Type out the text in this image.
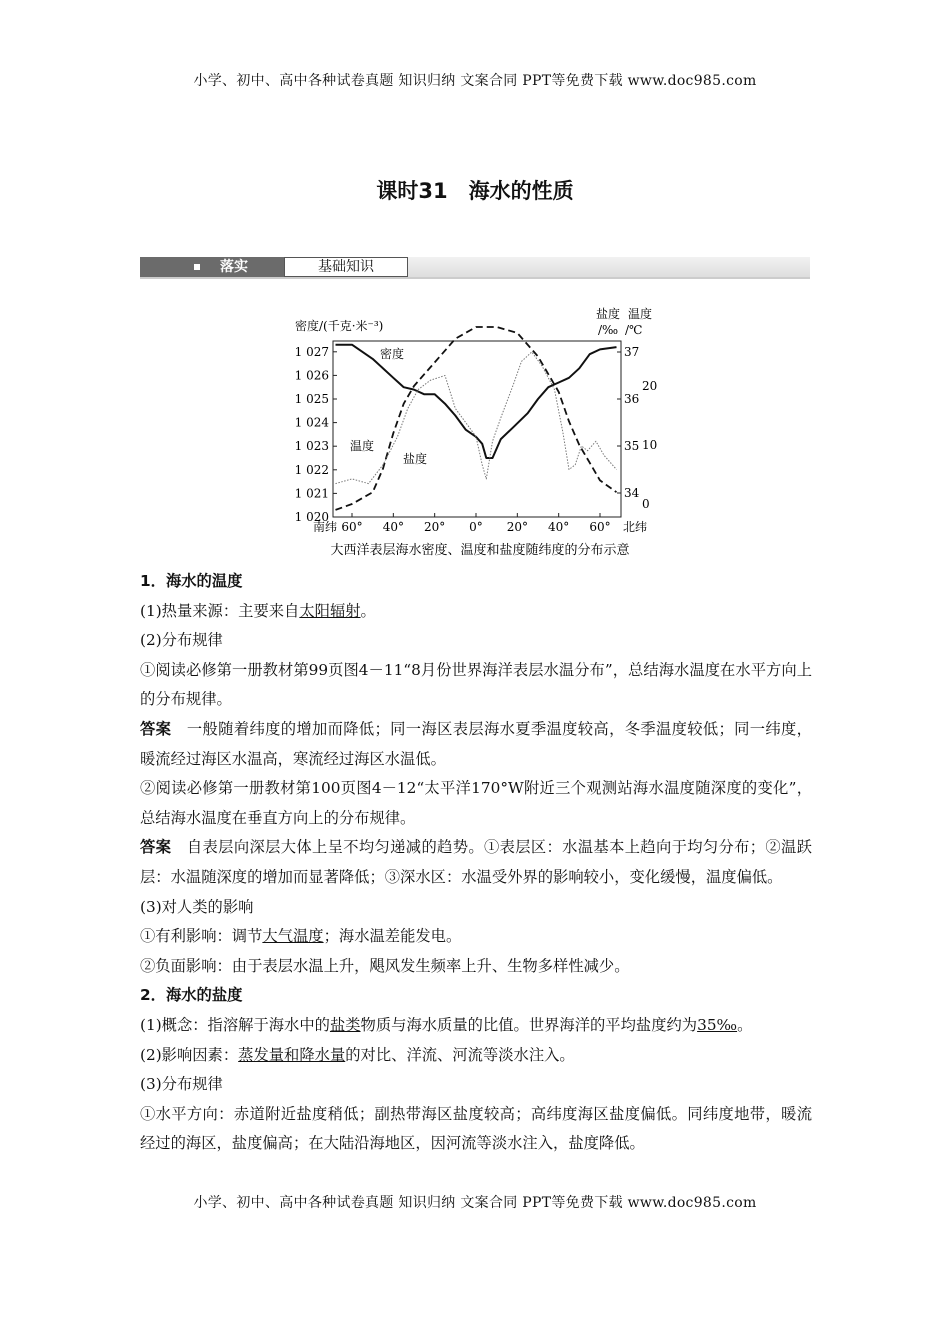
小学、初中、高中各种试卷真题 知识归纳 文案合同 PPT等免费下载 www.doc985.com
课时31　海水的性质
落实	基础知识
1 020
1 021
1 022
1 023
1 024
1 025
1 026
1 027
34
35
36
37
0
10
20
60° 40° 20° 0° 20° 40° 60°
南纬	北纬
密度/(千克·米⁻³)
盐度 温度
/‰ /℃
密度
温度
盐度
大西洋表层海水密度、温度和盐度随纬度的分布示意

1．海水的温度

(1)热量来源：主要来自太阳辐射。

(2)分布规律

①阅读必修第一册教材第99页图4－11“8月份世界海洋表层水温分布”，总结海水温度在水平方向上的分布规律。

答案　一般随着纬度的增加而降低；同一海区表层海水夏季温度较高，冬季温度较低；同一纬度，暖流经过海区水温高，寒流经过海区水温低。

②阅读必修第一册教材第100页图4－12“太平洋170°W附近三个观测站海水温度随深度的变化”，总结海水温度在垂直方向上的分布规律。

答案　自表层向深层大体上呈不均匀递减的趋势。①表层区：水温基本上趋向于均匀分布；②温跃层：水温随深度的增加而显著降低；③深水区：水温受外界的影响较小，变化缓慢，温度偏低。

(3)对人类的影响

①有利影响：调节大气温度；海水温差能发电。

②负面影响：由于表层水温上升，飓风发生频率上升、生物多样性减少。

2．海水的盐度

(1)概念：指溶解于海水中的盐类物质与海水质量的比值。世界海洋的平均盐度约为35‰。

(2)影响因素：蒸发量和降水量的对比、洋流、河流等淡水注入。

(3)分布规律

①水平方向：赤道附近盐度稍低；副热带海区盐度较高；高纬度海区盐度偏低。同纬度地带，暖流经过的海区，盐度偏高；在大陆沿海地区，因河流等淡水注入，盐度降低。

小学、初中、高中各种试卷真题 知识归纳 文案合同 PPT等免费下载 www.doc985.com
